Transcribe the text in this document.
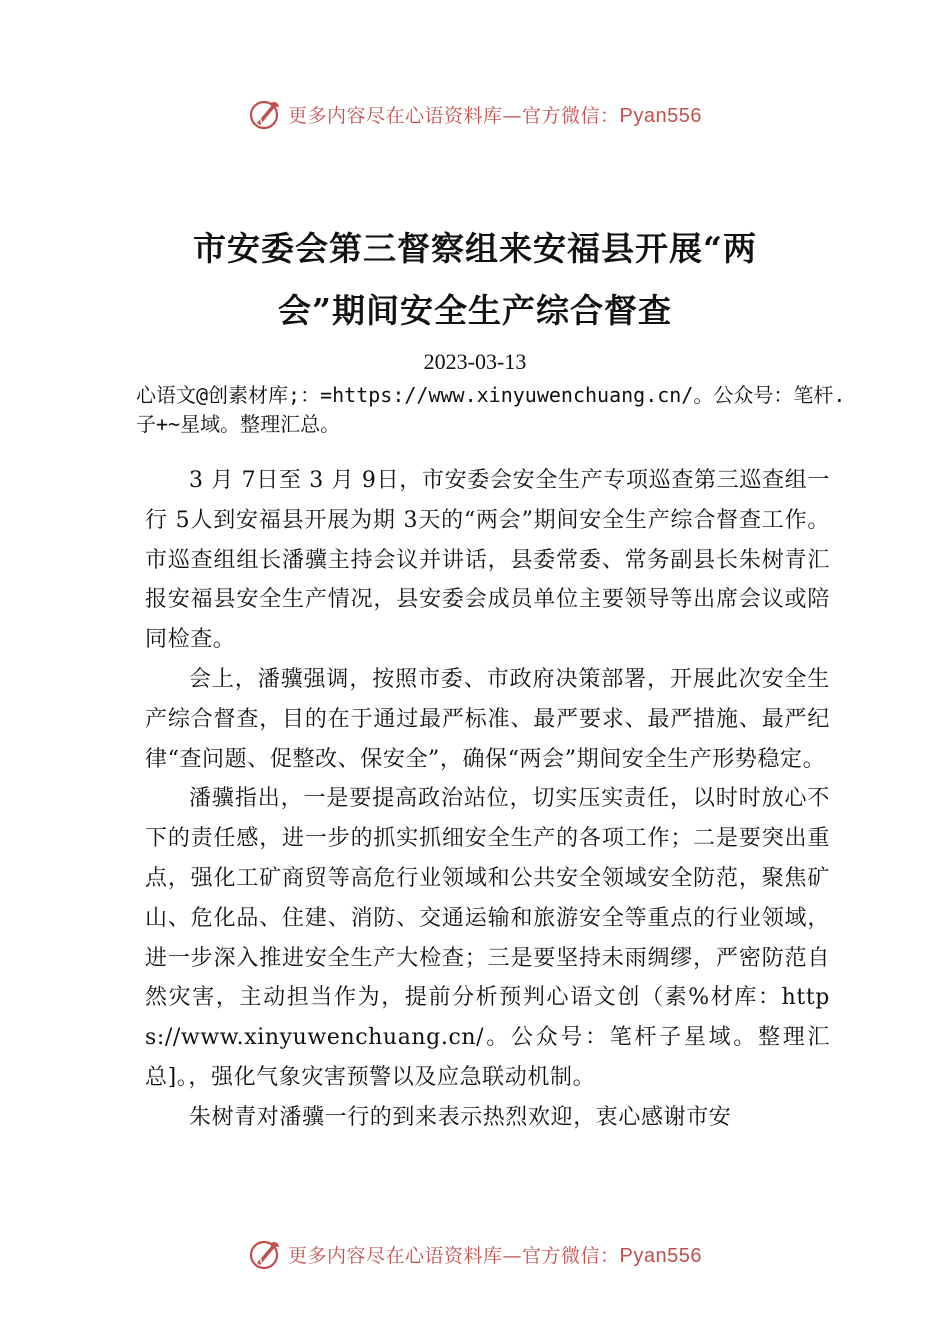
更多内容尽在心语资料库—官方微信：Pyan556
市安委会第三督察组来安福县开展“两会”期间安全生产综合督查
2023-03-13
心语文@创素材库;：=https://www.xinyuwenchuang.cn/。公众号：笔杆.子+~星域。整理汇总。

3 月 7日至 3 月 9日，市安委会安全生产专项巡查第三巡查组一行 5人到安福县开展为期 3天的“两会”期间安全生产综合督查工作。市巡查组组长潘骥主持会议并讲话，县委常委、常务副县长朱树青汇报安福县安全生产情况，县安委会成员单位主要领导等出席会议或陪同检查。

会上，潘骥强调，按照市委、市政府决策部署，开展此次安全生产综合督查，目的在于通过最严标准、最严要求、最严措施、最严纪律“查问题、促整改、保安全”，确保“两会”期间安全生产形势稳定。

潘骥指出，一是要提高政治站位，切实压实责任，以时时放心不下的责任感，进一步的抓实抓细安全生产的各项工作；二是要突出重点，强化工矿商贸等高危行业领域和公共安全领域安全防范，聚焦矿山、危化品、住建、消防、交通运输和旅游安全等重点的行业领域，进一步深入推进安全生产大检查；三是要坚持未雨绸缪，严密防范自然灾害，主动担当作为，提前分析预判心语文创（素%材库：https://www.xinyuwenchuang.cn/。公众号：笔杆子星域。整理汇总]。，强化气象灾害预警以及应急联动机制。

朱树青对潘骥一行的到来表示热烈欢迎，衷心感谢市安

更多内容尽在心语资料库—官方微信：Pyan556
